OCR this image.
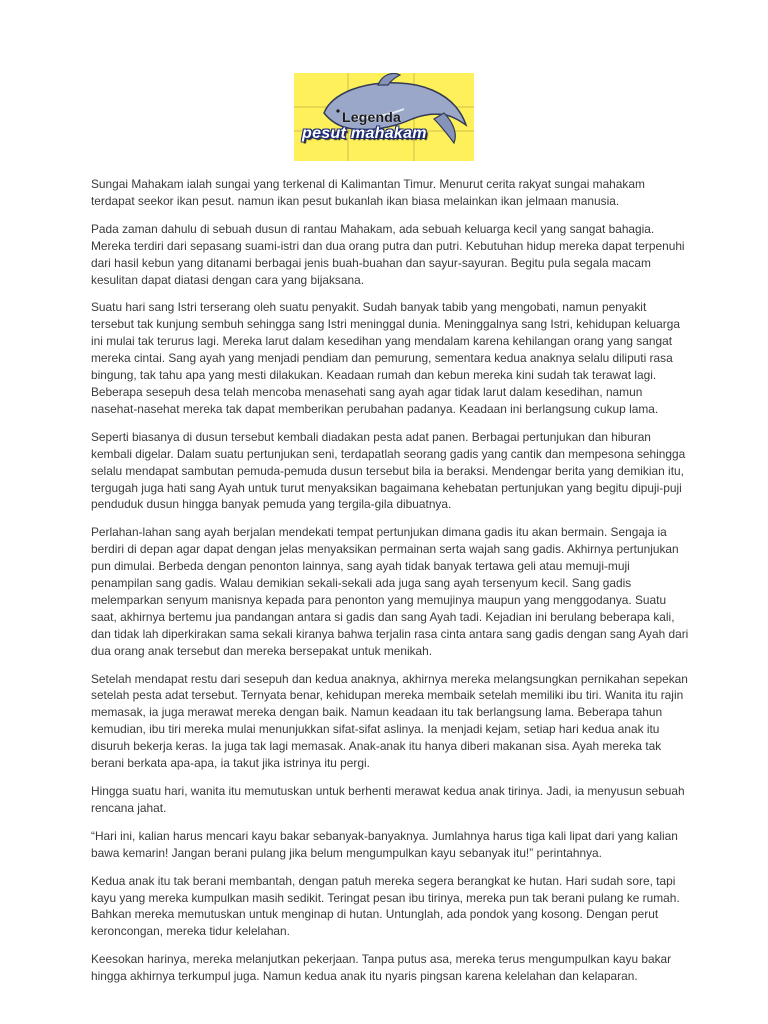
Legenda
pesut mahakam

Sungai Mahakam ialah sungai yang terkenal di Kalimantan Timur. Menurut cerita rakyat sungai mahakam terdapat seekor ikan pesut. namun ikan pesut bukanlah ikan biasa melainkan ikan jelmaan manusia.

Pada zaman dahulu di sebuah dusun di rantau Mahakam, ada sebuah keluarga kecil yang sangat bahagia. Mereka terdiri dari sepasang suami-istri dan dua orang putra dan putri. Kebutuhan hidup mereka dapat terpenuhi dari hasil kebun yang ditanami berbagai jenis buah-buahan dan sayur-sayuran. Begitu pula segala macam kesulitan dapat diatasi dengan cara yang bijaksana.

Suatu hari sang Istri terserang oleh suatu penyakit. Sudah banyak tabib yang mengobati, namun penyakit tersebut tak kunjung sembuh sehingga sang Istri meninggal dunia. Meninggalnya sang Istri, kehidupan keluarga ini mulai tak terurus lagi. Mereka larut dalam kesedihan yang mendalam karena kehilangan orang yang sangat mereka cintai. Sang ayah yang menjadi pendiam dan pemurung, sementara kedua anaknya selalu diliputi rasa bingung, tak tahu apa yang mesti dilakukan. Keadaan rumah dan kebun mereka kini sudah tak terawat lagi. Beberapa sesepuh desa telah mencoba menasehati sang ayah agar tidak larut dalam kesedihan, namun nasehat-nasehat mereka tak dapat memberikan perubahan padanya. Keadaan ini berlangsung cukup lama.

Seperti biasanya di dusun tersebut kembali diadakan pesta adat panen. Berbagai pertunjukan dan hiburan kembali digelar. Dalam suatu pertunjukan seni, terdapatlah seorang gadis yang cantik dan mempesona sehingga selalu mendapat sambutan pemuda-pemuda dusun tersebut bila ia beraksi. Mendengar berita yang demikian itu, tergugah juga hati sang Ayah untuk turut menyaksikan bagaimana kehebatan pertunjukan yang begitu dipuji-puji penduduk dusun hingga banyak pemuda yang tergila-gila dibuatnya.

Perlahan-lahan sang ayah berjalan mendekati tempat pertunjukan dimana gadis itu akan bermain. Sengaja ia berdiri di depan agar dapat dengan jelas menyaksikan permainan serta wajah sang gadis. Akhirnya pertunjukan pun dimulai. Berbeda dengan penonton lainnya, sang ayah tidak banyak tertawa geli atau memuji-muji penampilan sang gadis. Walau demikian sekali-sekali ada juga sang ayah tersenyum kecil. Sang gadis melemparkan senyum manisnya kepada para penonton yang memujinya maupun yang menggodanya. Suatu saat, akhirnya bertemu jua pandangan antara si gadis dan sang Ayah tadi. Kejadian ini berulang beberapa kali, dan tidak lah diperkirakan sama sekali kiranya bahwa terjalin rasa cinta antara sang gadis dengan sang Ayah dari dua orang anak tersebut dan mereka bersepakat untuk menikah.

Setelah mendapat restu dari sesepuh dan kedua anaknya, akhirnya mereka melangsungkan pernikahan sepekan setelah pesta adat tersebut. Ternyata benar, kehidupan mereka membaik setelah memiliki ibu tiri. Wanita itu rajin memasak, ia juga merawat mereka dengan baik. Namun keadaan itu tak berlangsung lama. Beberapa tahun kemudian, ibu tiri mereka mulai menunjukkan sifat-sifat aslinya. Ia menjadi kejam, setiap hari kedua anak itu disuruh bekerja keras. Ia juga tak lagi memasak. Anak-anak itu hanya diberi makanan sisa. Ayah mereka tak berani berkata apa-apa, ia takut jika istrinya itu pergi.

Hingga suatu hari, wanita itu memutuskan untuk berhenti merawat kedua anak tirinya. Jadi, ia menyusun sebuah rencana jahat.

“Hari ini, kalian harus mencari kayu bakar sebanyak-banyaknya. Jumlahnya harus tiga kali lipat dari yang kalian bawa kemarin! Jangan berani pulang jika belum mengumpulkan kayu sebanyak itu!” perintahnya.

Kedua anak itu tak berani membantah, dengan patuh mereka segera berangkat ke hutan. Hari sudah sore, tapi kayu yang mereka kumpulkan masih sedikit. Teringat pesan ibu tirinya, mereka pun tak berani pulang ke rumah. Bahkan mereka memutuskan untuk menginap di hutan. Untunglah, ada pondok yang kosong. Dengan perut keroncongan, mereka tidur kelelahan.

Keesokan harinya, mereka melanjutkan pekerjaan. Tanpa putus asa, mereka terus mengumpulkan kayu bakar hingga akhirnya terkumpul juga. Namun kedua anak itu nyaris pingsan karena kelelahan dan kelaparan.
